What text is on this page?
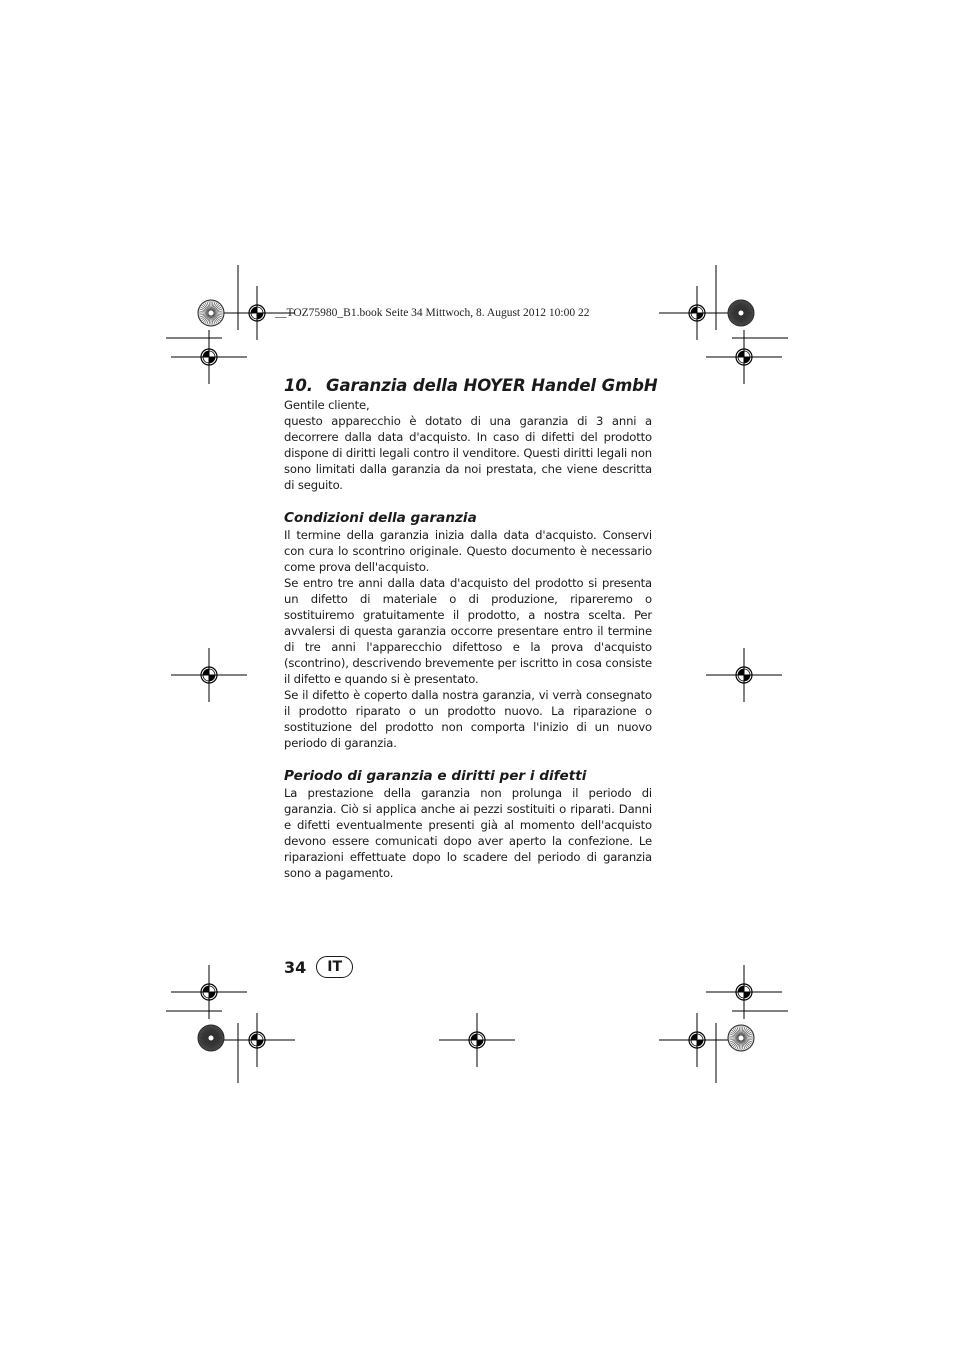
__TOZ75980_B1.book Seite 34 Mittwoch, 8. August 2012 10:00 22
10. Garanzia della HOYER Handel GmbH

Gentile cliente,

questo apparecchio è dotato di una garanzia di 3 anni a decorrere dalla data d'acquisto. In caso di difetti del prodotto dispone di diritti legali contro il venditore. Questi diritti legali non sono limitati dalla garanzia da noi prestata, che viene descritta di seguito.

Condizioni della garanzia

Il termine della garanzia inizia dalla data d'acquisto. Conservi con cura lo scontrino originale. Questo documento è necessario come prova dell'acquisto.

Se entro tre anni dalla data d'acquisto del prodotto si presenta un difetto di materiale o di produzione, ripareremo o sostituiremo gratuitamente il prodotto, a nostra scelta. Per avvalersi di questa garanzia occorre presentare entro il termine di tre anni l'apparecchio difettoso e la prova d'acquisto (scontrino), descrivendo brevemente per iscritto in cosa consiste il difetto e quando si è presentato.

Se il difetto è coperto dalla nostra garanzia, vi verrà consegnato il prodotto riparato o un prodotto nuovo. La riparazione o sostituzione del prodotto non comporta l'inizio di un nuovo periodo di garanzia.

Periodo di garanzia e diritti per i difetti

La prestazione della garanzia non prolunga il periodo di garanzia. Ciò si applica anche ai pezzi sostituiti o riparati. Danni e difetti eventualmente presenti già al momento dell'acquisto devono essere comunicati dopo aver aperto la confezione. Le riparazioni effettuate dopo lo scadere del periodo di garanzia sono a pagamento.

34	IT
